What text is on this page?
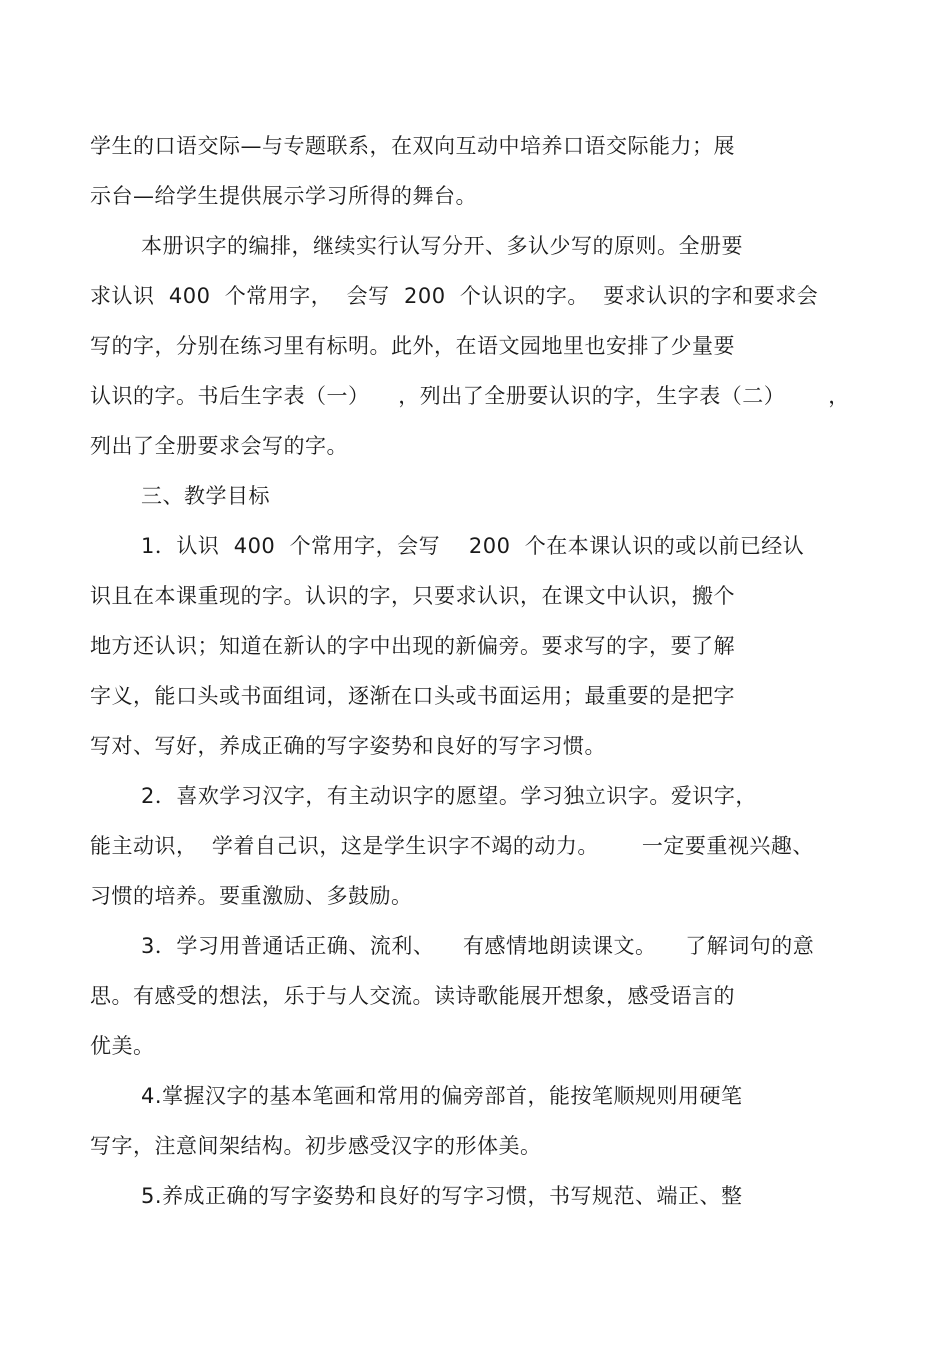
学生的口语交际—与专题联系，在双向互动中培养口语交际能力；展
示台—给学生提供展示学习所得的舞台。
本册识字的编排，继续实行认写分开、多认少写的原则。全册要
求认识  400  个常用字，  会写  200  个认识的字。  要求认识的字和要求会
写的字，分别在练习里有标明。此外，在语文园地里也安排了少量要
认识的字。书后生字表（一）    ，列出了全册要认识的字，生字表（二）      ，
列出了全册要求会写的字。
三、教学目标
1．认识  400  个常用字，会写    200  个在本课认识的或以前已经认
识且在本课重现的字。认识的字，只要求认识，在课文中认识，搬个
地方还认识；知道在新认的字中出现的新偏旁。要求写的字，要了解
字义，能口头或书面组词，逐渐在口头或书面运用；最重要的是把字
写对、写好，养成正确的写字姿势和良好的写字习惯。
2．喜欢学习汉字，有主动识字的愿望。学习独立识字。爱识字，
能主动识，  学着自己识，这是学生识字不竭的动力。      一定要重视兴趣、
习惯的培养。要重激励、多鼓励。
3．学习用普通话正确、流利、    有感情地朗读课文。    了解词句的意
思。有感受的想法，乐于与人交流。读诗歌能展开想象，感受语言的
优美。
4.掌握汉字的基本笔画和常用的偏旁部首，能按笔顺规则用硬笔
写字，注意间架结构。初步感受汉字的形体美。
5.养成正确的写字姿势和良好的写字习惯，书写规范、端正、整
